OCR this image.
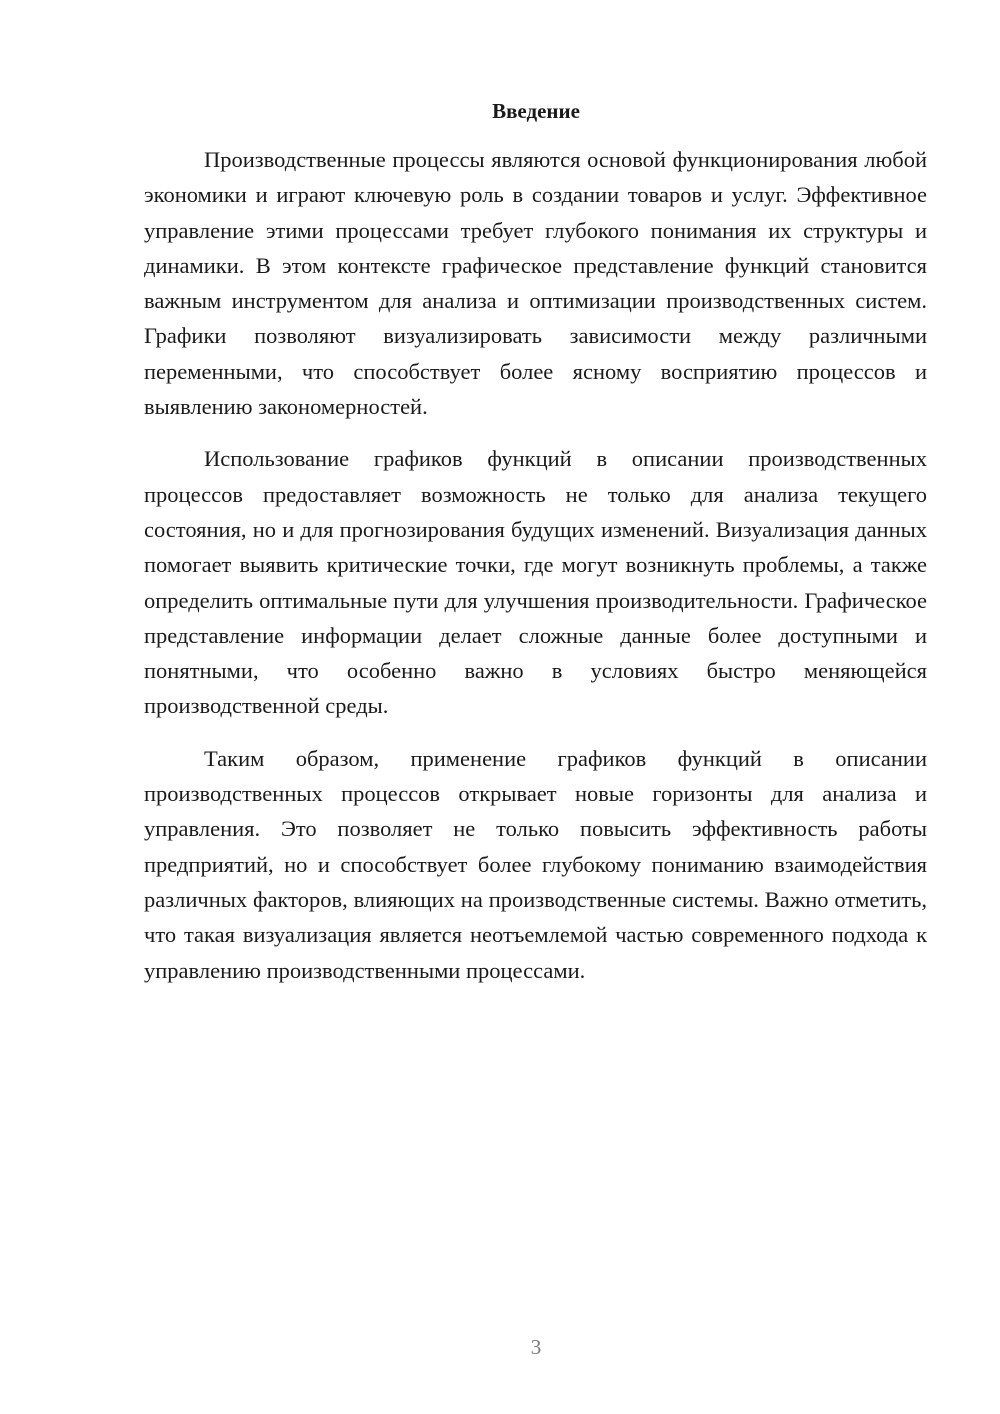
Введение

Производственные процессы являются основой функционирования любой экономики и играют ключевую роль в создании товаров и услуг. Эффективное управление этими процессами требует глубокого понимания их структуры и динамики. В этом контексте графическое представление функций становится важным инструментом для анализа и оптимизации производственных систем. Графики позволяют визуализировать зависимости между различными переменными, что способствует более ясному восприятию процессов и выявлению закономерностей.

Использование графиков функций в описании производственных процессов предоставляет возможность не только для анализа текущего состояния, но и для прогнозирования будущих изменений. Визуализация данных помогает выявить критические точки, где могут возникнуть проблемы, а также определить оптимальные пути для улучшения производительности. Графическое представление информации делает сложные данные более доступными и понятными, что особенно важно в условиях быстро меняющейся производственной среды.

Таким образом, применение графиков функций в описании производственных процессов открывает новые горизонты для анализа и управления. Это позволяет не только повысить эффективность работы предприятий, но и способствует более глубокому пониманию взаимодействия различных факторов, влияющих на производственные системы. Важно отметить, что такая визуализация является неотъемлемой частью современного подхода к управлению производственными процессами.

3
